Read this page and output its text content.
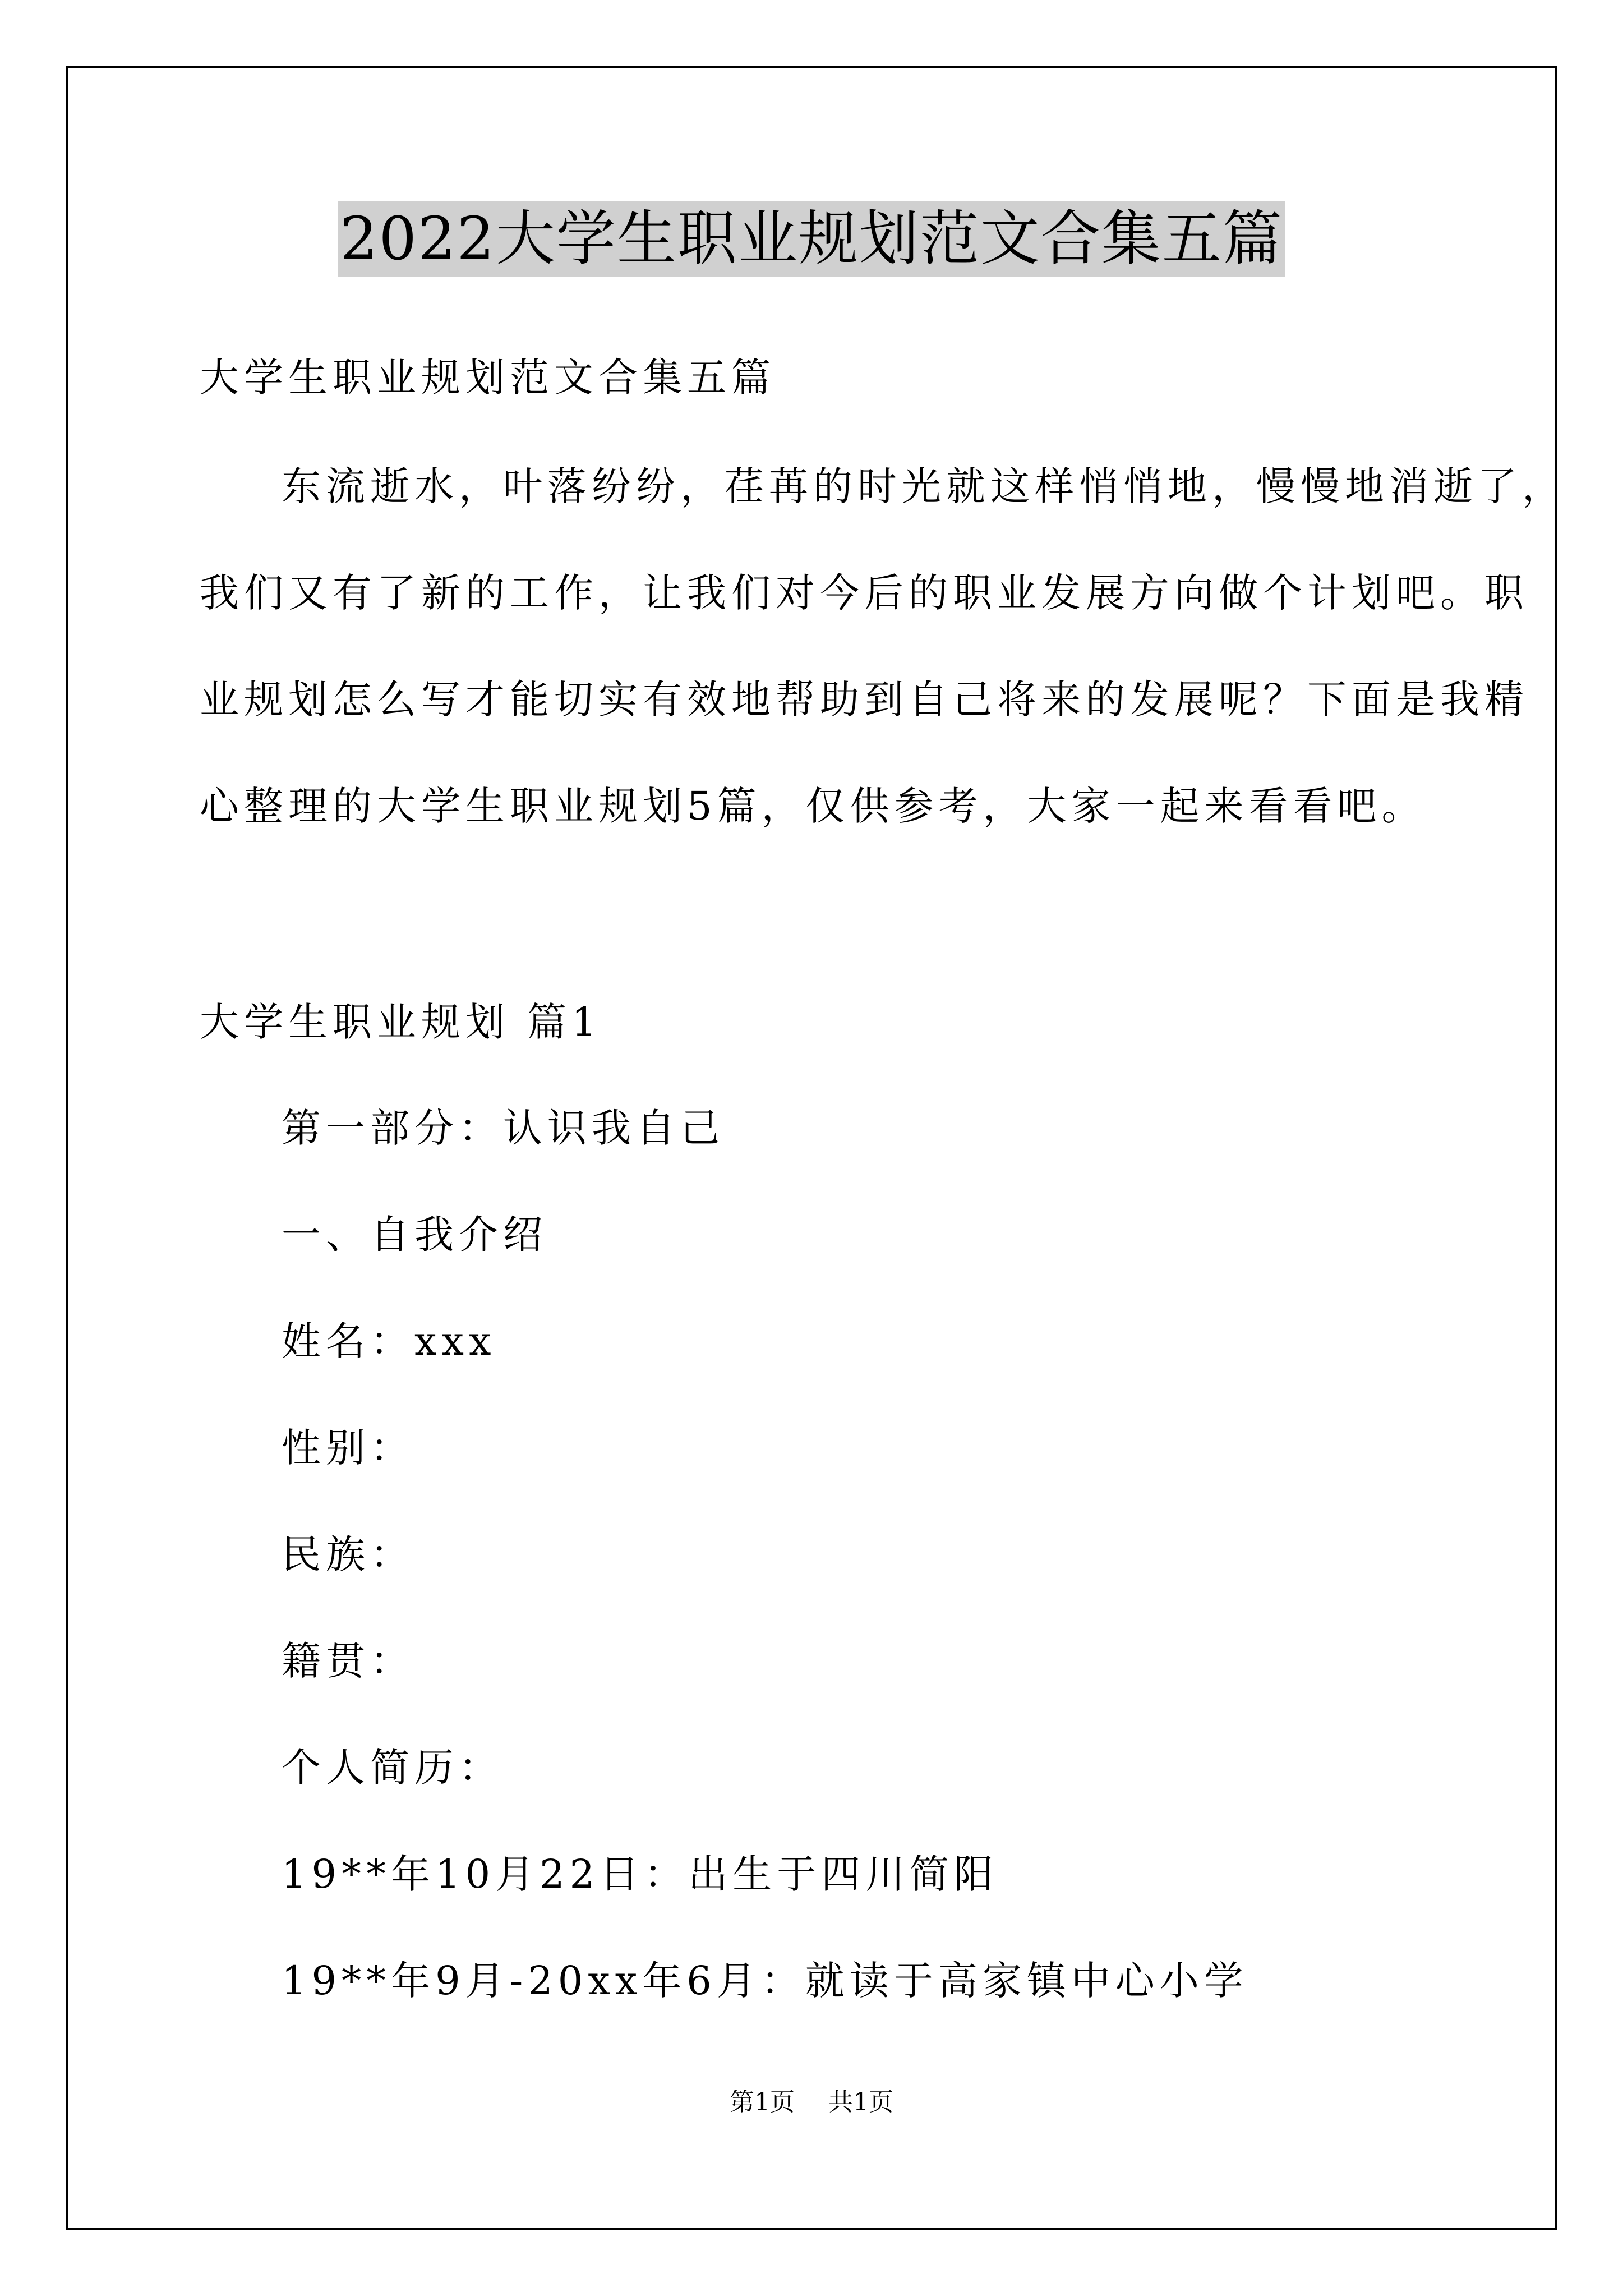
2022大学生职业规划范文合集五篇
大学生职业规划范文合集五篇
东流逝水，叶落纷纷，荏苒的时光就这样悄悄地，慢慢地消逝了，
我们又有了新的工作，让我们对今后的职业发展方向做个计划吧。职
业规划怎么写才能切实有效地帮助到自己将来的发展呢？下面是我精
心整理的大学生职业规划5篇，仅供参考，大家一起来看看吧。
大学生职业规划 篇1
第一部分：认识我自己
一、自我介绍
姓名：xxx
性别：
民族：
籍贯：
个人简历：
19**年10月22日：出生于四川简阳
19**年9月-20xx年6月：就读于高家镇中心小学
第1页 共1页
